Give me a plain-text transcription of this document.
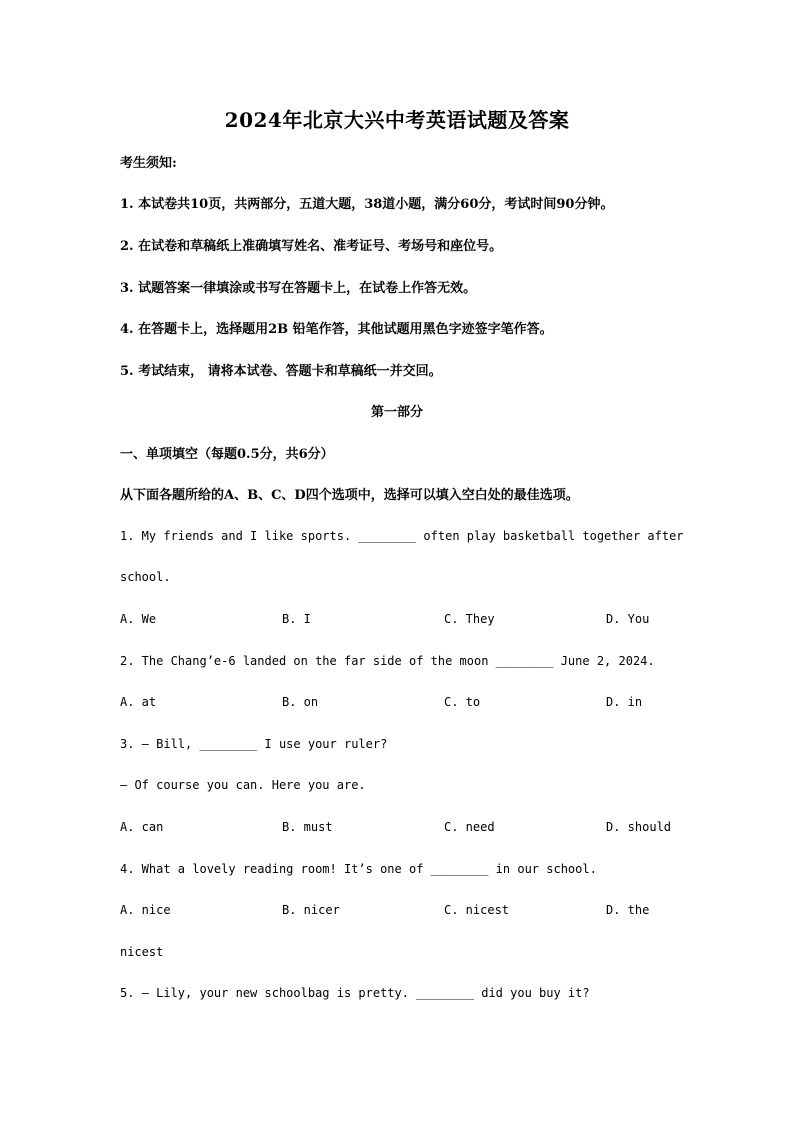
2024年北京大兴中考英语试题及答案
考生须知:
1. 本试卷共10页，共两部分，五道大题，38道小题，满分60分，考试时间90分钟。
2. 在试卷和草稿纸上准确填写姓名、准考证号、考场号和座位号。
3. 试题答案一律填涂或书写在答题卡上，在试卷上作答无效。
4. 在答题卡上，选择题用2B 铅笔作答，其他试题用黑色字迹签字笔作答。
5. 考试结束， 请将本试卷、答题卡和草稿纸一并交回。
第一部分
一、单项填空（每题0.5分，共6分）
从下面各题所给的A、B、C、D四个选项中，选择可以填入空白处的最佳选项。
1. My friends and I like sports. ________ often play basketball together after
school.
A. We	B. I	C. They	D. You
2. The Chang’e-6 landed on the far side of the moon ________ June 2, 2024.
A. at	B. on	C. to	D. in
3. — Bill, ________ I use your ruler?
— Of course you can. Here you are.
A. can	B. must	C. need	D. should
4. What a lovely reading room! It’s one of ________ in our school.
A. nice	B. nicer	C. nicest	D. the
nicest
5. — Lily, your new schoolbag is pretty. ________ did you buy it?
